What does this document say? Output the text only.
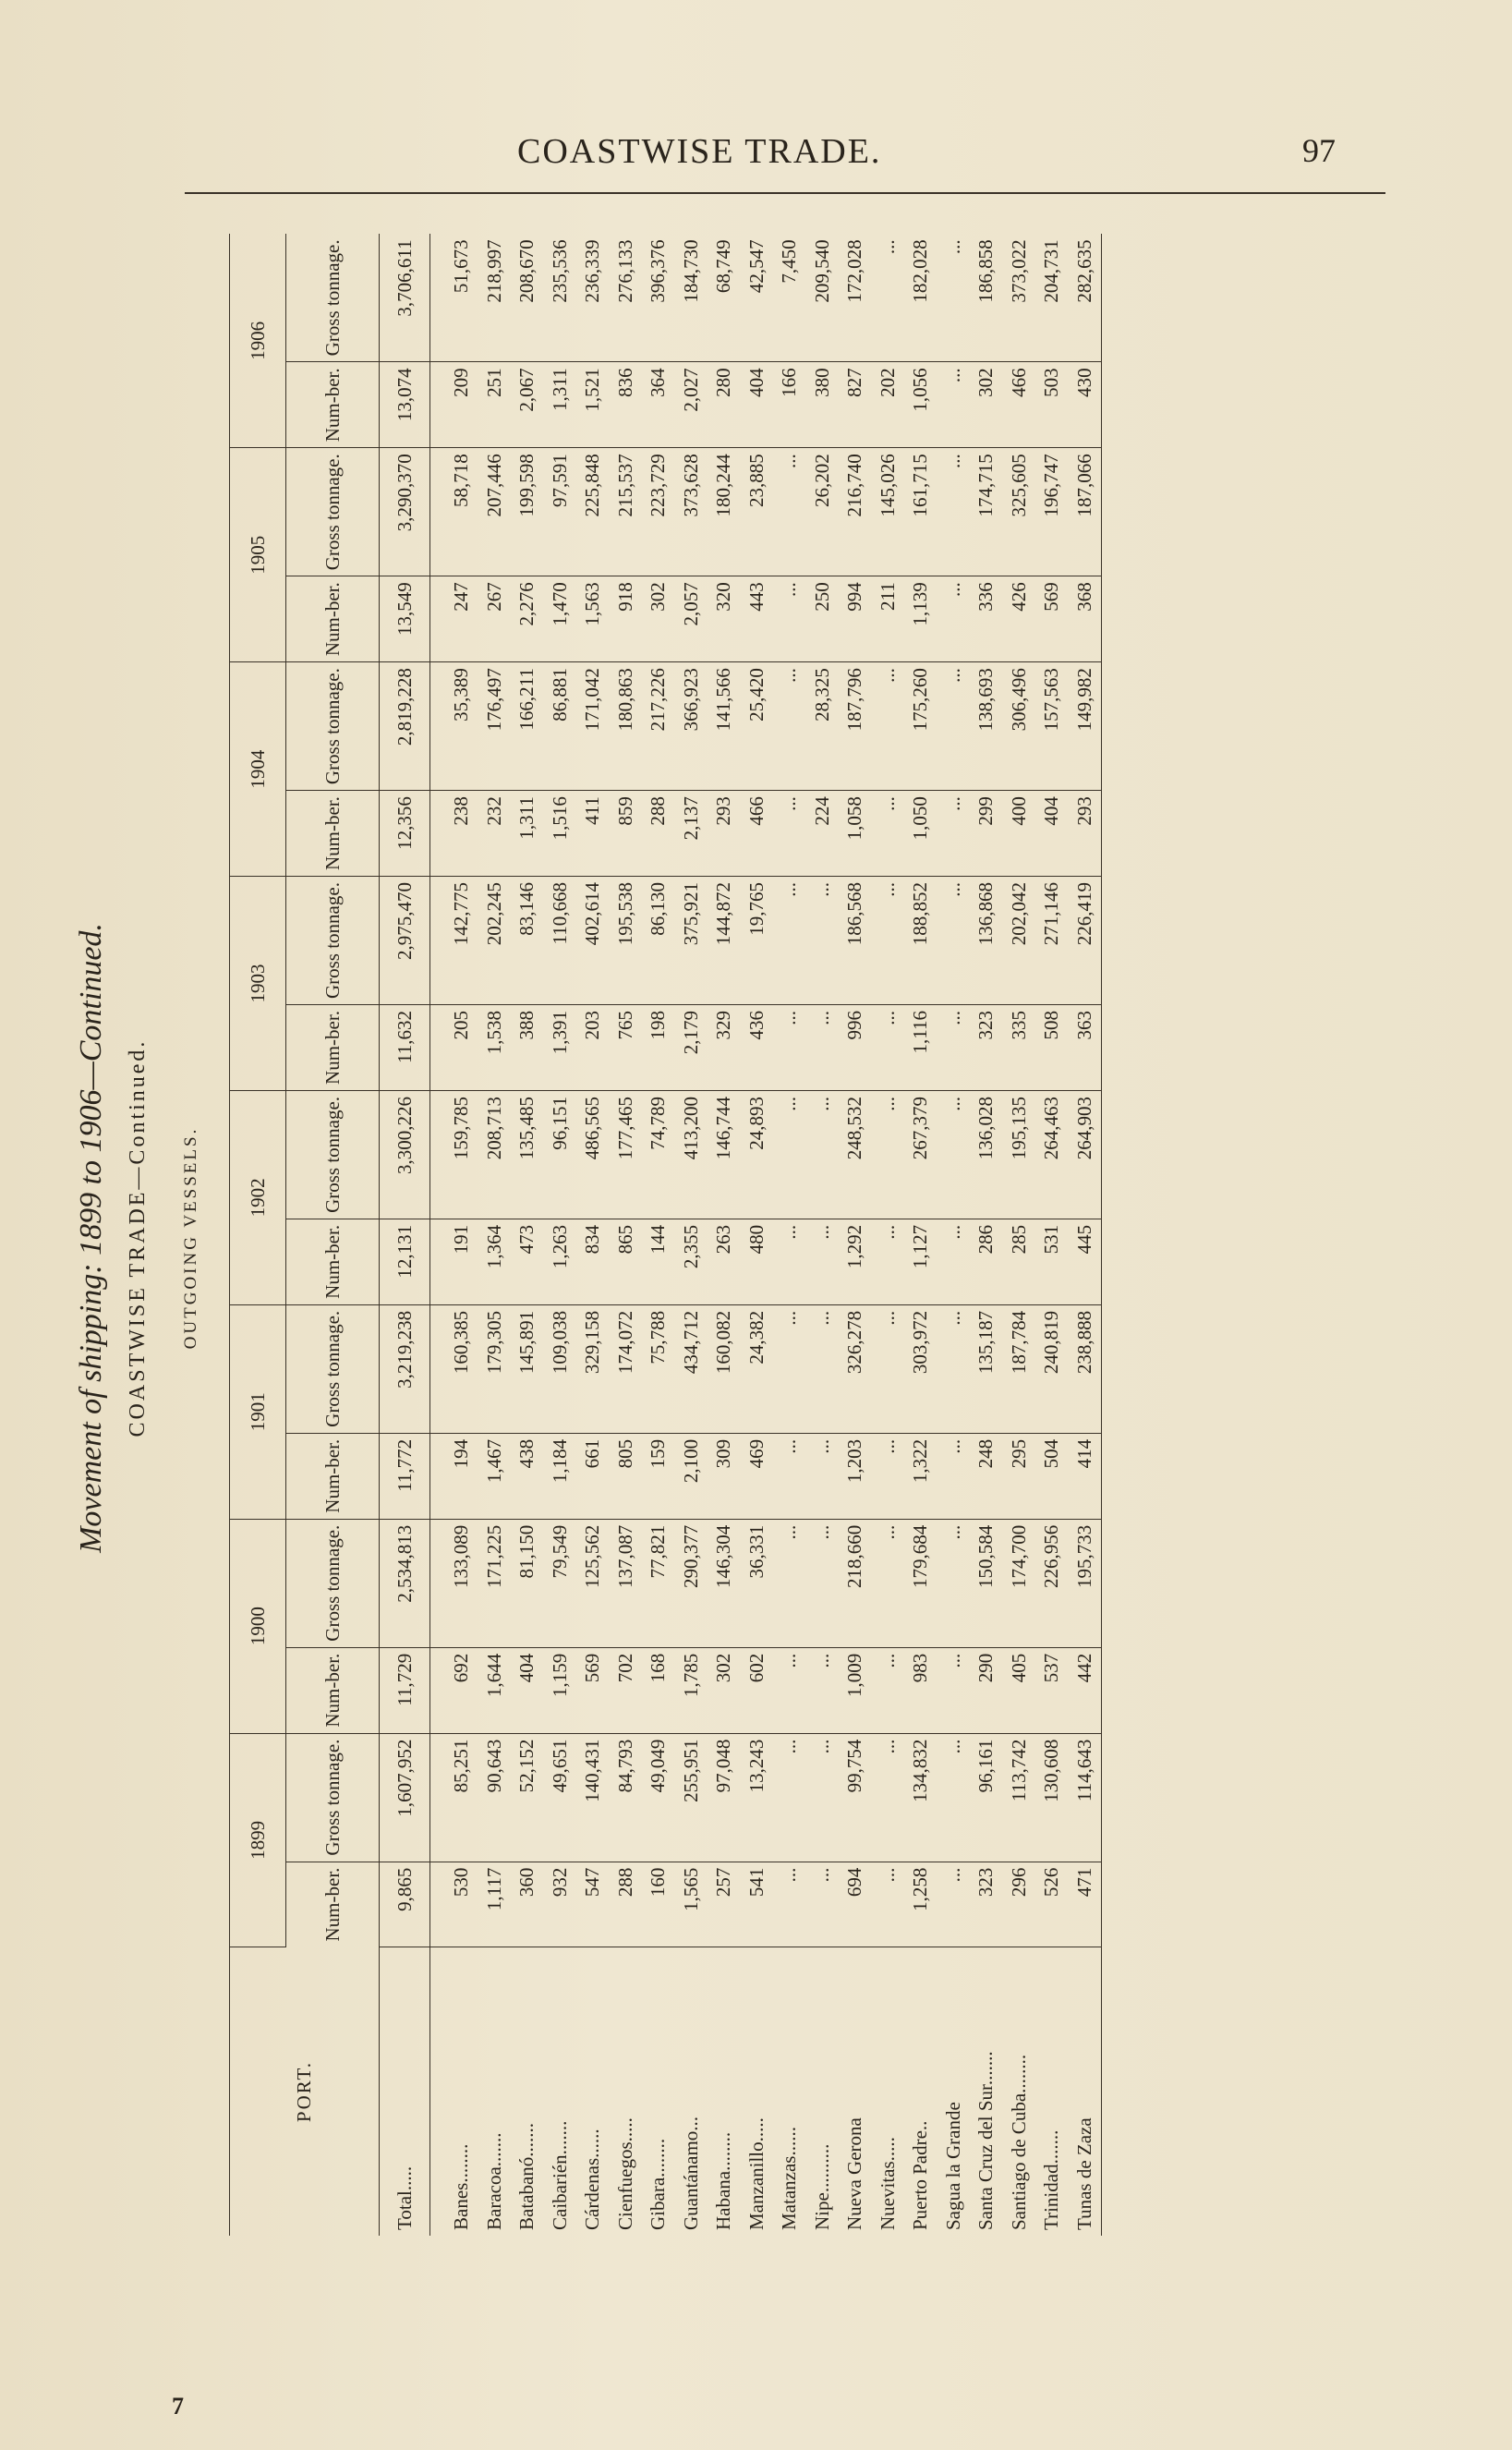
COASTWISE TRADE.	97
Movement of shipping: 1899 to 1906—Continued. COASTWISE TRADE—Continued. OUTGOING VESSELS.
PORT.	1899		1900		1901		1902		1903		1904		1905		1906	
	Num-ber.	Gross tonnage.	Num-ber.	Gross tonnage.	Num-ber.	Gross tonnage.	Num-ber.	Gross tonnage.	Num-ber.	Gross tonnage.	Num-ber.	Gross tonnage.	Num-ber.	Gross tonnage.	Num-ber.	Gross tonnage.
Total.....	9,865	1,607,952	11,729	2,534,813	11,772	3,219,238	12,131	3,300,226	11,632	2,975,470	12,356	2,819,228	13,549	3,290,370	13,074	3,706,611
Banes........	530	85,251	692	133,089	194	160,385	191	159,785	205	142,775	238	35,389	247	58,718	209	51,673
Baracoa.......	1,117	90,643	1,644	171,225	1,467	179,305	1,364	208,713	1,538	202,245	232	176,497	267	207,446	251	218,997
Batabanó.......	360	52,152	404	81,150	438	145,891	473	135,485	388	83,146	1,311	166,211	2,276	199,598	2,067	208,670
Caibarién.......	932	49,651	1,159	79,549	1,184	109,038	1,263	96,151	1,391	110,668	1,516	86,881	1,470	97,591	1,311	235,536
Cárdenas......	547	140,431	569	125,562	661	329,158	834	486,565	203	402,614	411	171,042	1,563	225,848	1,521	236,339
Cienfuegos.....	288	84,793	702	137,087	805	174,072	865	177,465	765	195,538	859	180,863	918	215,537	836	276,133
Gibara........	160	49,049	168	77,821	159	75,788	144	74,789	198	86,130	288	217,226	302	223,729	364	396,376
Guantánamo...	1,565	255,951	1,785	290,377	2,100	434,712	2,355	413,200	2,179	375,921	2,137	366,923	2,057	373,628	2,027	184,730
Habana........	257	97,048	302	146,304	309	160,082	263	146,744	329	144,872	293	141,566	320	180,244	280	68,749
Manzanillo.....	541	13,243	602	36,331	469	24,382	480	24,893	436	19,765	466	25,420	443	23,885	404	42,547
Matanzas......	...	...	...	...	...	...	...	...	...	...	...	...	...	...	166	7,450
Nipe..........	...	...	...	...	...	...	...	...	...	...	224	28,325	250	26,202	380	209,540
Nueva Gerona	694	99,754	1,009	218,660	1,203	326,278	1,292	248,532	996	186,568	1,058	187,796	994	216,740	827	172,028
Nuevitas.....	...	...	...	...	...	...	...	...	...	...	...	...	211	145,026	202	...
Puerto Padre..	1,258	134,832	983	179,684	1,322	303,972	1,127	267,379	1,116	188,852	1,050	175,260	1,139	161,715	1,056	182,028
Sagua la Grande	...	...	...	...	...	...	...	...	...	...	...	...	...	...	...	...
Santa Cruz del Sur.......	323	96,161	290	150,584	248	135,187	286	136,028	323	136,868	299	138,693	336	174,715	302	186,858
Santiago de Cuba........	296	113,742	405	174,700	295	187,784	285	195,135	335	202,042	400	306,496	426	325,605	466	373,022
Trinidad.......	526	130,608	537	226,956	504	240,819	531	264,463	508	271,146	404	157,563	569	196,747	503	204,731
Tunas de Zaza	471	114,643	442	195,733	414	238,888	445	264,903	363	226,419	293	149,982	368	187,066	430	282,635
7
